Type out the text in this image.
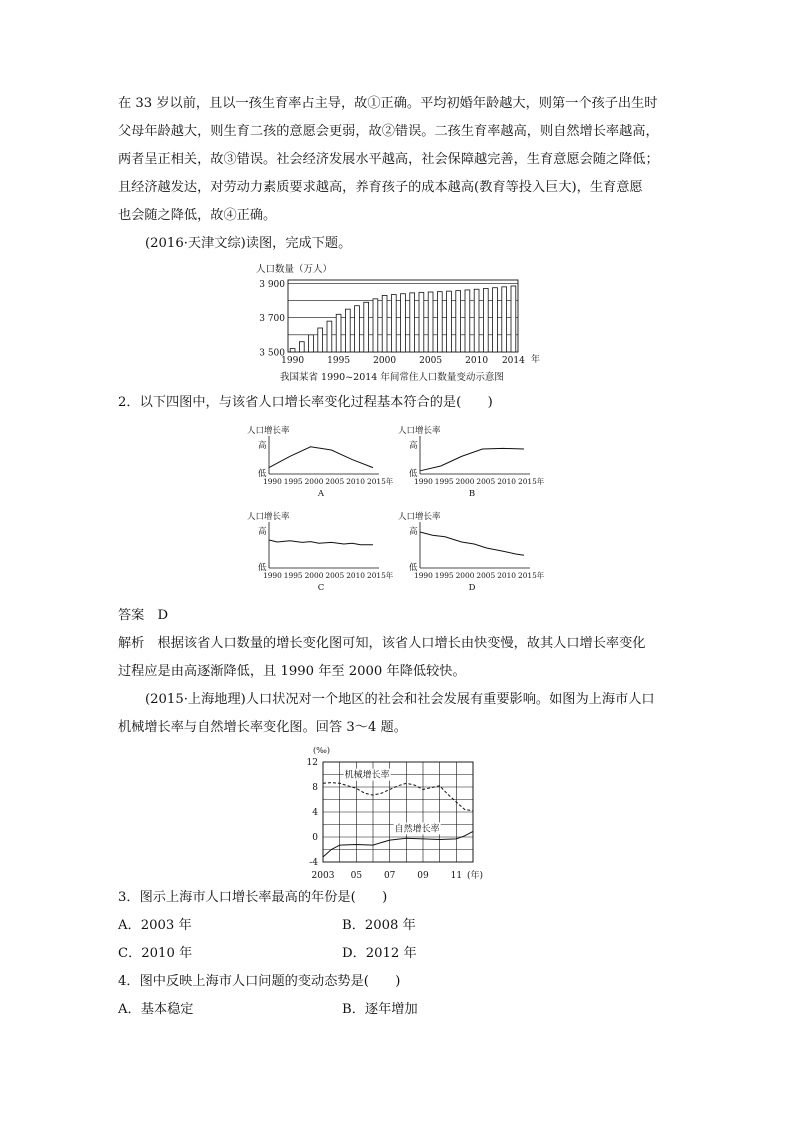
在 33 岁以前，且以一孩生育率占主导，故①正确。平均初婚年龄越大，则第一个孩子出生时
父母年龄越大，则生育二孩的意愿会更弱，故②错误。二孩生育率越高，则自然增长率越高，
两者呈正相关，故③错误。社会经济发展水平越高，社会保障越完善，生育意愿会随之降低；
且经济越发达，对劳动力素质要求越高，养育孩子的成本越高(教育等投入巨大)，生育意愿
也会随之降低，故④正确。
(2016·天津文综)读图，完成下题。
人口数量（万人）
3 900
3 700
3 500
1990	1995	2000	2005	2010 2014 年
我国某省 1990~2014 年间常住人口数量变动示意图
2．以下四图中，与该省人口增长率变化过程基本符合的是(　　)
人口增长率
高
低
1990 1995 2000 2005 2010 2015年
A
人口增长率
高
低
1990 1995 2000 2005 2010 2015年
B
人口增长率
高
低
1990 1995 2000 2005 2010 2015年
C
人口增长率
高
低
1990 1995 2000 2005 2010 2015年
D
答案　D
解析　根据该省人口数量的增长变化图可知，该省人口增长由快变慢，故其人口增长率变化
过程应是由高逐渐降低，且 1990 年至 2000 年降低较快。
(2015·上海地理)人口状况对一个地区的社会和社会发展有重要影响。如图为上海市人口
机械增长率与自然增长率变化图。回答 3～4 题。
(‰)
机械增长率
自然增长率
12
8
4
0
-4
2003 05 07 09 11 (年)
3．图示上海市人口增长率最高的年份是(　　)
A．2003 年	B．2008 年
C．2010 年	D．2012 年
4．图中反映上海市人口问题的变动态势是(　　)
A．基本稳定	B．逐年增加
